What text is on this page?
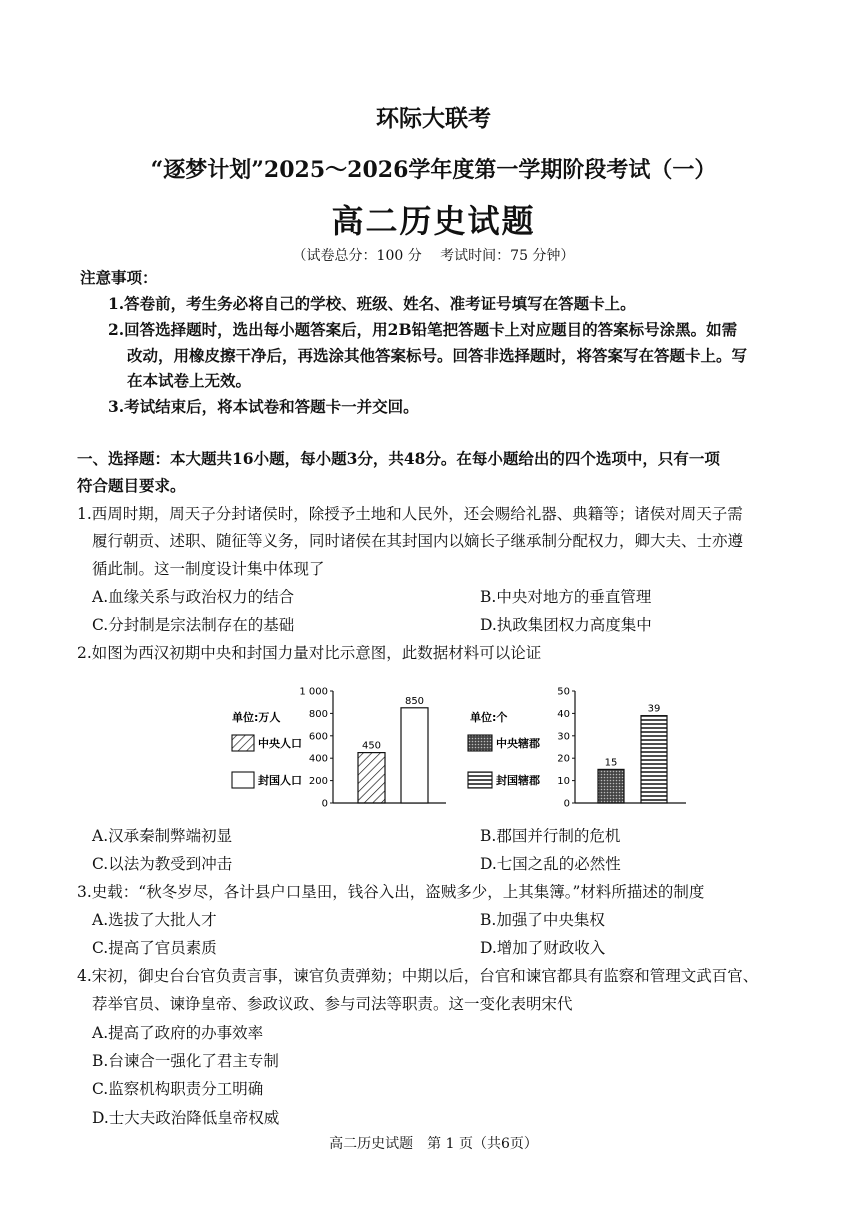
环际大联考
“逐梦计划”2025～2026学年度第一学期阶段考试（一）
高二历史试题
（试卷总分：100 分　 考试时间：75 分钟）
注意事项：
1.答卷前，考生务必将自己的学校、班级、姓名、准考证号填写在答题卡上。
2.回答选择题时，选出每小题答案后，用2B铅笔把答题卡上对应题目的答案标号涂黑。如需
改动，用橡皮擦干净后，再选涂其他答案标号。回答非选择题时，将答案写在答题卡上。写
在本试卷上无效。
3.考试结束后，将本试卷和答题卡一并交回。
一、选择题：本大题共16小题，每小题3分，共48分。在每小题给出的四个选项中，只有一项
符合题目要求。
1.西周时期，周天子分封诸侯时，除授予土地和人民外，还会赐给礼器、典籍等；诸侯对周天子需
履行朝贡、述职、随征等义务，同时诸侯在其封国内以嫡长子继承制分配权力，卿大夫、士亦遵
循此制。这一制度设计集中体现了
A.血缘关系与政治权力的结合	B.中央对地方的垂直管理
C.分封制是宗法制存在的基础	D.执政集团权力高度集中
2.如图为西汉初期中央和封国力量对比示意图，此数据材料可以论证
1 000
800
600
400
200
0
单位:万人
450
850
中央人口
封国人口
50
40
30
20
10
0
单位:个
15
39
中央辖郡
封国辖郡
A.汉承秦制弊端初显	B.郡国并行制的危机
C.以法为教受到冲击	D.七国之乱的必然性
3.史载：“秋冬岁尽，各计县户口垦田，钱谷入出，盗贼多少，上其集簿。”材料所描述的制度
A.选拔了大批人才	B.加强了中央集权
C.提高了官员素质	D.增加了财政收入
4.宋初，御史台台官负责言事，谏官负责弹劾；中期以后，台官和谏官都具有监察和管理文武百官、
荐举官员、谏诤皇帝、参政议政、参与司法等职责。这一变化表明宋代
A.提高了政府的办事效率
B.台谏合一强化了君主专制
C.监察机构职责分工明确
D.士大夫政治降低皇帝权威
高二历史试题　第 1 页（共6页）
